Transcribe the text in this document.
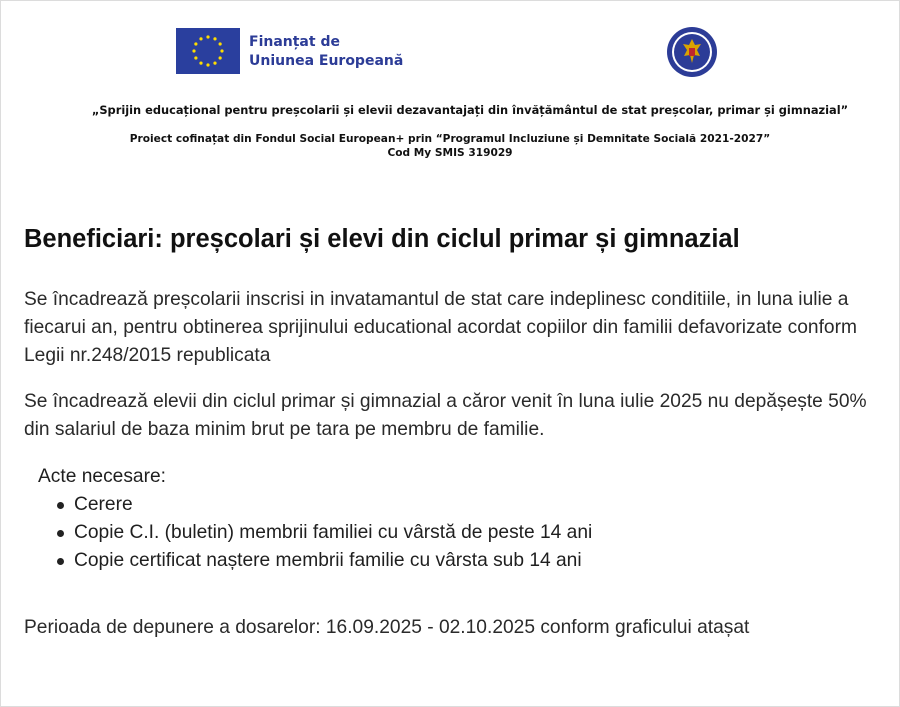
Finanțat de
Uniunea Europeană
„Sprijin educațional pentru preșcolarii și elevii dezavantajați din învățământul de stat preșcolar, primar și gimnazial”
Proiect cofinațat din Fondul Social European+ prin “Programul Incluziune și Demnitate Socială 2021-2027”
Cod My SMIS 319029
Beneficiari: preșcolari și elevi din ciclul primar și gimnazial

Se încadrează preșcolarii inscrisi in invatamantul de stat care indeplinesc conditiile, in luna iulie a fiecarui an, pentru obtinerea sprijinului educational acordat copiilor din familii defavorizate conform Legii nr.248/2015 republicata

Se încadrează elevii din ciclul primar și gimnazial a căror venit în luna iulie 2025 nu depășește 50% din salariul de baza minim brut pe tara pe membru de familie.

Acte necesare:
Cerere
Copie C.I. (buletin) membrii familiei cu vârstă de peste 14 ani
Copie certificat naștere membrii familie cu vârsta sub 14 ani

Perioada de depunere a dosarelor: 16.09.2025 - 02.10.2025 conform graficului atașat
